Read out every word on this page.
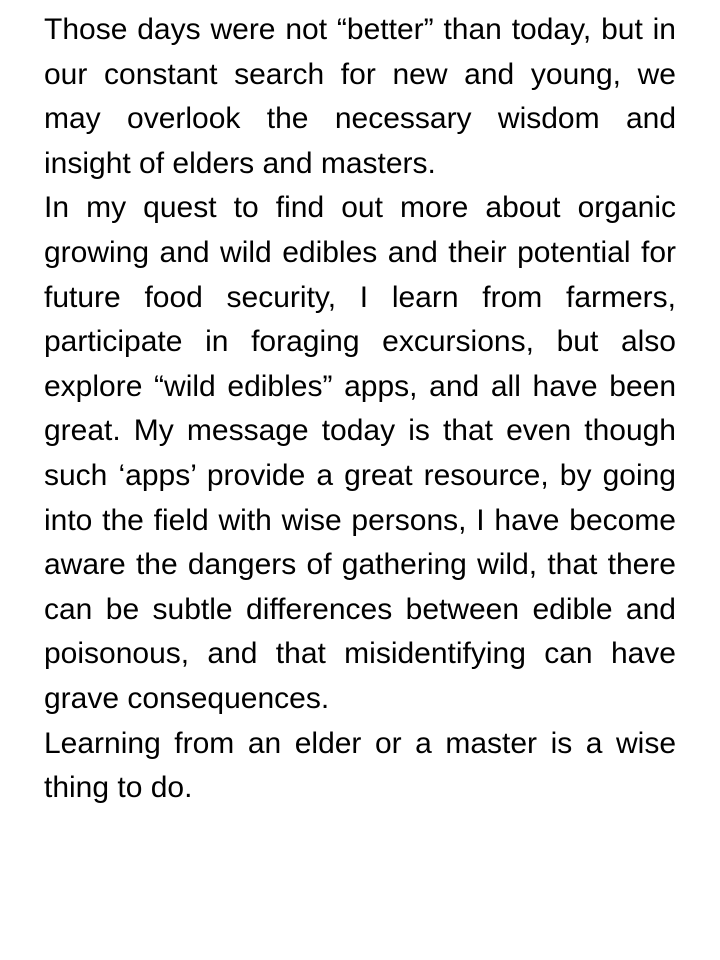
Those days were not “better” than today, but in our constant search for new and young, we may overlook the necessary wisdom and insight of elders and masters.

In my quest to find out more about organic growing and wild edibles and their potential for future food security, I learn from farmers, participate in foraging excursions, but also explore “wild edibles” apps, and all have been great. My message today is that even though such ‘apps’ provide a great resource, by going into the field with wise persons, I have become aware the dangers of gathering wild, that there can be subtle differences between edible and poisonous, and that misidentifying can have grave consequences.

Learning from an elder or a master is a wise thing to do.
